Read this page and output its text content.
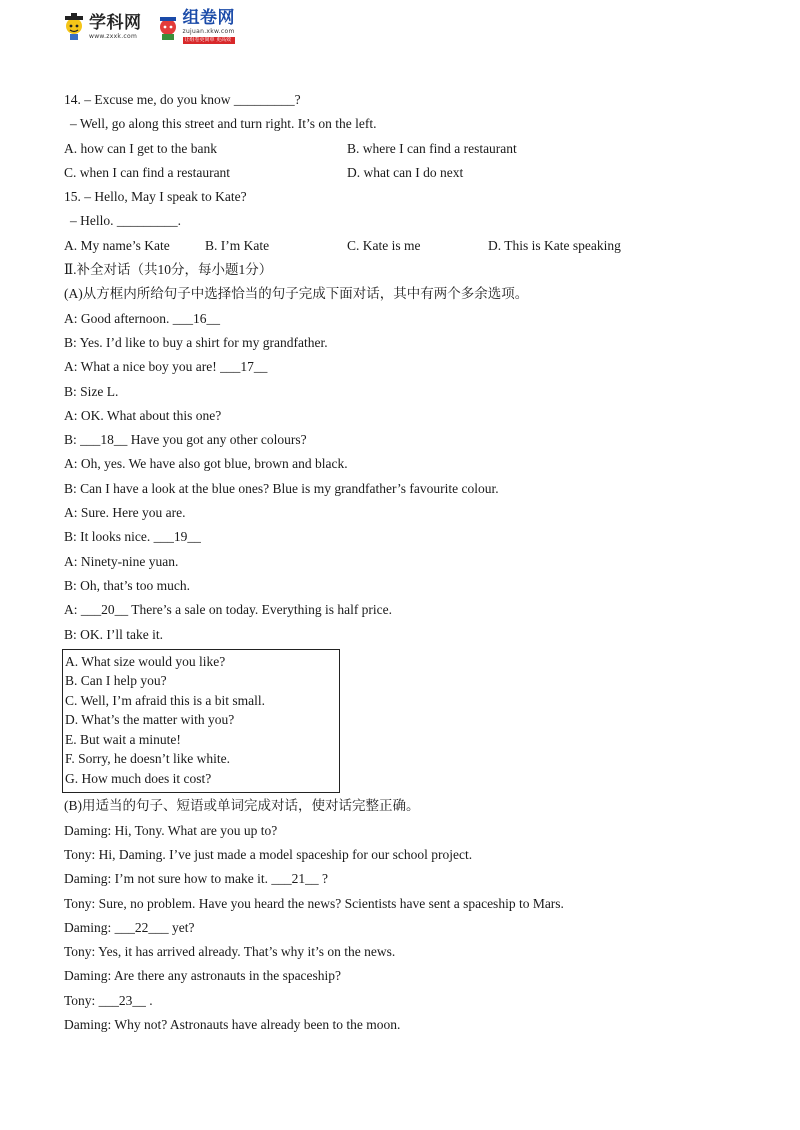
学科网
www.zxxk.com
组卷网
zujuan.xkw.com
让组卷更简单 更高效
14. – Excuse me, do you know _________?
– Well, go along this street and turn right. It’s on the left.
A. how can I get to the bank	B. where I can find a restaurant
C. when I can find a restaurant	D. what can I do next
15. – Hello, May I speak to Kate?
– Hello. _________.
A. My name’s Kate	B. I’m Kate	C. Kate is me	D. This is Kate speaking
Ⅱ.补全对话（共10分，每小题1分）
(A)从方框内所给句子中选择恰当的句子完成下面对话，其中有两个多余选项。
A: Good afternoon. ___16__
B: Yes. I’d like to buy a shirt for my grandfather.
A: What a nice boy you are! ___17__
B: Size L.
A: OK. What about this one?
B: ___18__ Have you got any other colours?
A: Oh, yes. We have also got blue, brown and black.
B: Can I have a look at the blue ones? Blue is my grandfather’s favourite colour.
A: Sure. Here you are.
B: It looks nice. ___19__
A: Ninety-nine yuan.
B: Oh, that’s too much.
A: ___20__ There’s a sale on today. Everything is half price.
B: OK. I’ll take it.
A. What size would you like?
B. Can I help you?
C. Well, I’m afraid this is a bit small.
D. What’s the matter with you?
E. But wait a minute!
F. Sorry, he doesn’t like white.
G. How much does it cost?
(B)用适当的句子、短语或单词完成对话，使对话完整正确。
Daming: Hi, Tony. What are you up to?
Tony: Hi, Daming. I’ve just made a model spaceship for our school project.
Daming: I’m not sure how to make it. ___21__ ?
Tony: Sure, no problem. Have you heard the news? Scientists have sent a spaceship to Mars.
Daming: ___22___ yet?
Tony: Yes, it has arrived already. That’s why it’s on the news.
Daming: Are there any astronauts in the spaceship?
Tony: ___23__ .
Daming: Why not? Astronauts have already been to the moon.
